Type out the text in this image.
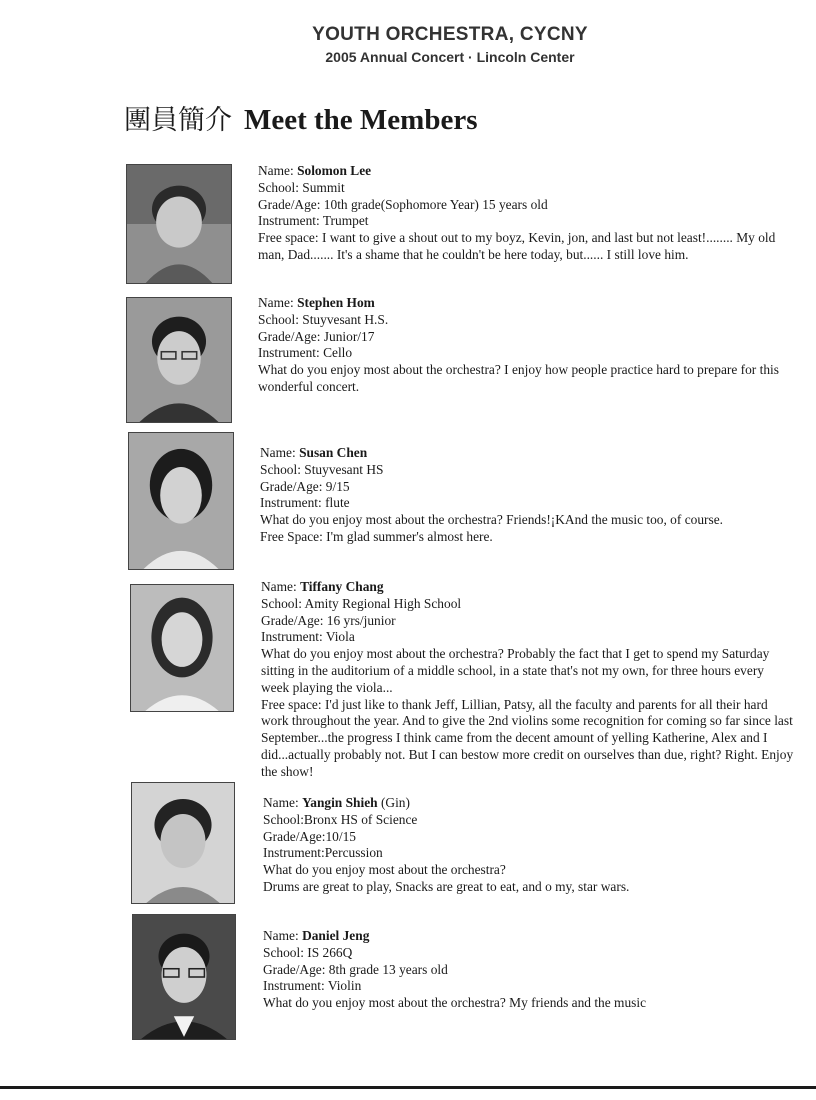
YOUTH ORCHESTRA, CYCNY
2005 Annual Concert · Lincoln Center
團員簡介 Meet the Members
Name: Solomon Lee
School: Summit
Grade/Age: 10th grade(Sophomore Year) 15 years old
Instrument: Trumpet
Free space: I want to give a shout out to my boyz, Kevin, jon, and last but not least!........ My old
man, Dad....... It's a shame that he couldn't be here today, but...... I still love him.
Name: Stephen Hom
School: Stuyvesant H.S.
Grade/Age: Junior/17
Instrument: Cello
What do you enjoy most about the orchestra? I enjoy how people practice hard to prepare for this
wonderful concert.
Name: Susan Chen
School: Stuyvesant HS
Grade/Age: 9/15
Instrument: flute
What do you enjoy most about the orchestra? Friends!¡KAnd the music too, of course.
Free Space: I'm glad summer's almost here.
Name: Tiffany Chang
School: Amity Regional High School
Grade/Age: 16 yrs/junior
Instrument: Viola
What do you enjoy most about the orchestra? Probably the fact that I get to spend my Saturday
sitting in the auditorium of a middle school, in a state that's not my own, for three hours every
week playing the viola...
Free space: I'd just like to thank Jeff, Lillian, Patsy, all the faculty and parents for all their hard
work throughout the year. And to give the 2nd violins some recognition for coming so far since last
September...the progress I think came from the decent amount of yelling Katherine, Alex and I
did...actually probably not. But I can bestow more credit on ourselves than due, right? Right. Enjoy
the show!
Name: Yangin Shieh (Gin)
School:Bronx HS of Science
Grade/Age:10/15
Instrument:Percussion
What do you enjoy most about the orchestra?
Drums are great to play, Snacks are great to eat, and o my, star wars.
Name: Daniel Jeng
School: IS 266Q
Grade/Age: 8th grade 13 years old
Instrument: Violin
What do you enjoy most about the orchestra? My friends and the music
